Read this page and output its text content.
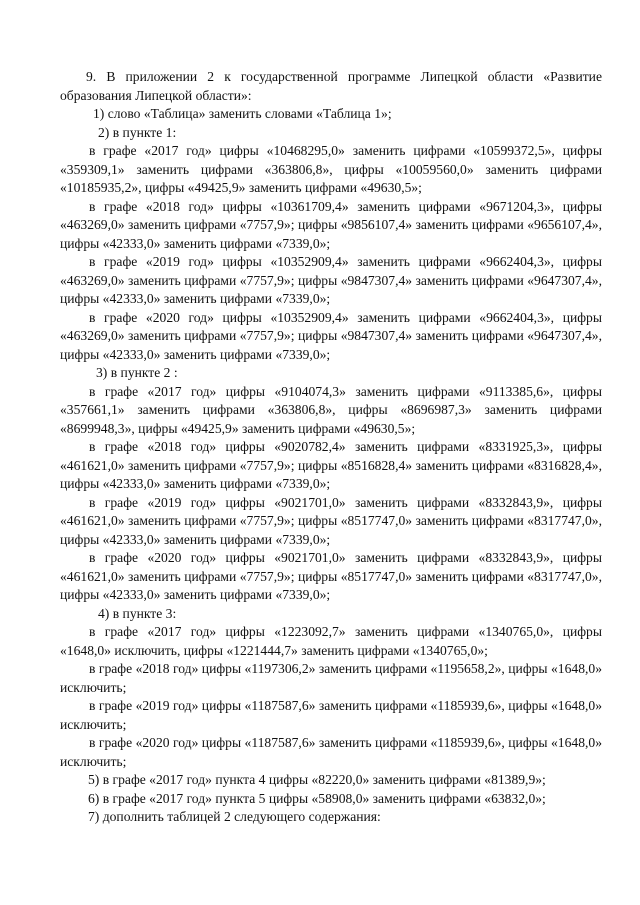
9. В приложении 2 к государственной программе Липецкой области «Развитие образования Липецкой области»:

1) слово «Таблица» заменить словами «Таблица 1»;

2) в пункте 1:

в графе «2017 год» цифры «10468295,0» заменить цифрами «10599372,5», цифры «359309,1» заменить цифрами «363806,8», цифры «10059560,0» заменить цифрами «10185935,2», цифры «49425,9» заменить цифрами «49630,5»;

в графе «2018 год» цифры «10361709,4» заменить цифрами «9671204,3», цифры «463269,0» заменить цифрами «7757,9»; цифры «9856107,4» заменить цифрами «9656107,4», цифры «42333,0» заменить цифрами «7339,0»;

в графе «2019 год» цифры «10352909,4» заменить цифрами «9662404,3», цифры «463269,0» заменить цифрами «7757,9»; цифры «9847307,4» заменить цифрами «9647307,4», цифры «42333,0» заменить цифрами «7339,0»;

в графе «2020 год» цифры «10352909,4» заменить цифрами «9662404,3», цифры «463269,0» заменить цифрами «7757,9»; цифры «9847307,4» заменить цифрами «9647307,4», цифры «42333,0» заменить цифрами «7339,0»;

3) в пункте 2 :

в графе «2017 год» цифры «9104074,3» заменить цифрами «9113385,6», цифры «357661,1» заменить цифрами «363806,8», цифры «8696987,3» заменить цифрами «8699948,3», цифры «49425,9» заменить цифрами «49630,5»;

в графе «2018 год» цифры «9020782,4» заменить цифрами «8331925,3», цифры «461621,0» заменить цифрами «7757,9»; цифры «8516828,4» заменить цифрами «8316828,4», цифры «42333,0» заменить цифрами «7339,0»;

в графе «2019 год» цифры «9021701,0» заменить цифрами «8332843,9», цифры «461621,0» заменить цифрами «7757,9»; цифры «8517747,0» заменить цифрами «8317747,0», цифры «42333,0» заменить цифрами «7339,0»;

в графе «2020 год» цифры «9021701,0» заменить цифрами «8332843,9», цифры «461621,0» заменить цифрами «7757,9»; цифры «8517747,0» заменить цифрами «8317747,0», цифры «42333,0» заменить цифрами «7339,0»;

4) в пункте 3:

в графе «2017 год» цифры «1223092,7» заменить цифрами «1340765,0», цифры «1648,0» исключить, цифры «1221444,7» заменить цифрами «1340765,0»;

в графе «2018 год» цифры «1197306,2» заменить цифрами «1195658,2», цифры «1648,0» исключить;

в графе «2019 год» цифры «1187587,6» заменить цифрами «1185939,6», цифры «1648,0» исключить;

в графе «2020 год» цифры «1187587,6» заменить цифрами «1185939,6», цифры «1648,0» исключить;

5) в графе «2017 год» пункта 4 цифры «82220,0» заменить цифрами «81389,9»;

6) в графе «2017 год» пункта 5 цифры «58908,0» заменить цифрами «63832,0»;

7) дополнить таблицей 2 следующего содержания:
